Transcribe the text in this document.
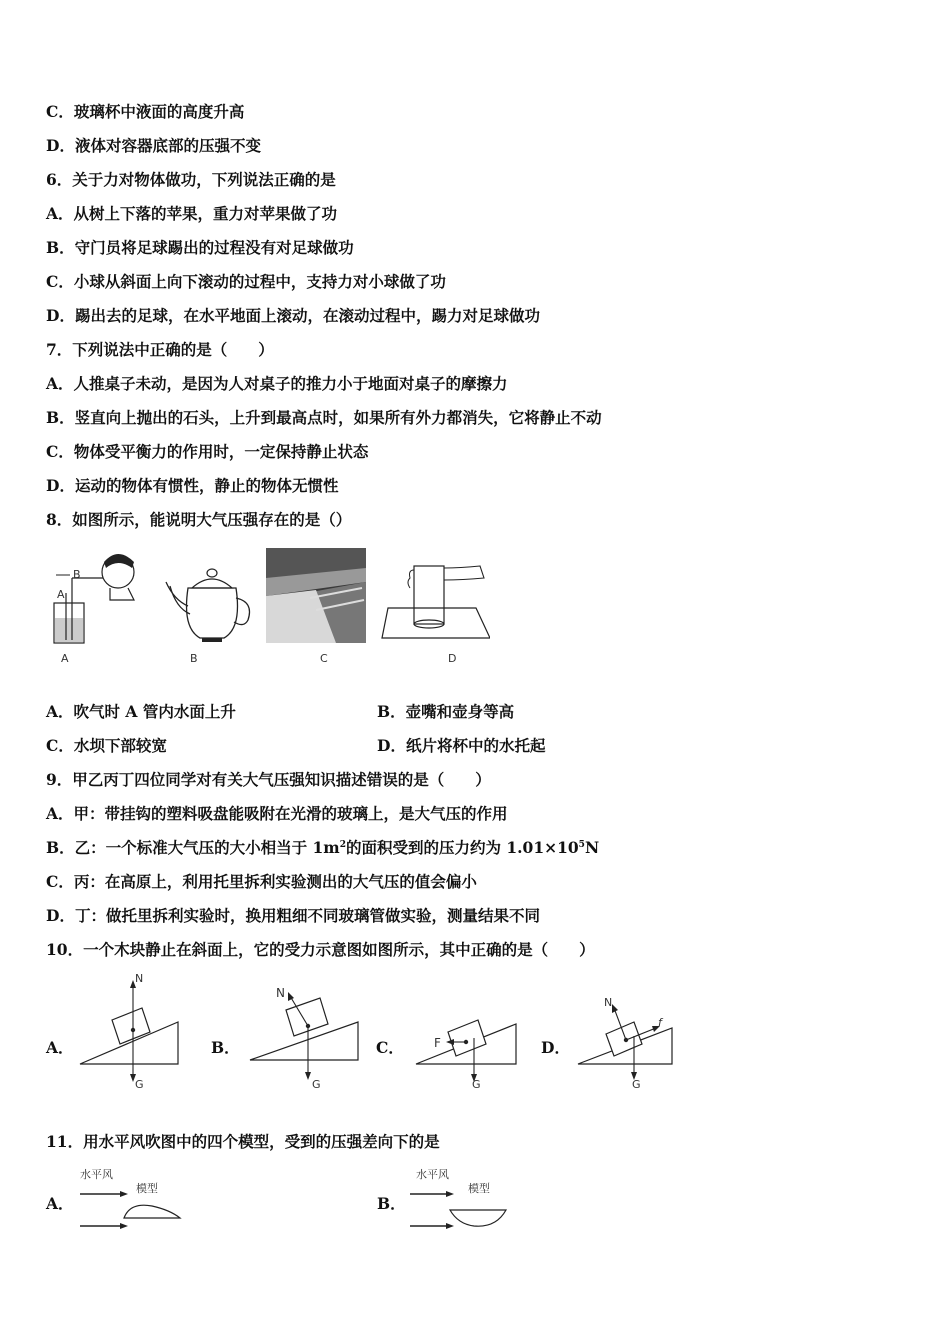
C．玻璃杯中液面的高度升高
D．液体对容器底部的压强不变
6．关于力对物体做功，下列说法正确的是
A．从树上下落的苹果，重力对苹果做了功
B．守门员将足球踢出的过程没有对足球做功
C．小球从斜面上向下滚动的过程中，支持力对小球做了功
D．踢出去的足球，在水平地面上滚动，在滚动过程中，踢力对足球做功
7．下列说法中正确的是（　　）
A．人推桌子未动，是因为人对桌子的推力小于地面对桌子的摩擦力
B．竖直向上抛出的石头，上升到最高点时，如果所有外力都消失，它将静止不动
C．物体受平衡力的作用时，一定保持静止状态
D．运动的物体有惯性，静止的物体无惯性
8．如图所示，能说明大气压强存在的是（）
B
A
A	B	C	D
A．吹气时 A 管内水面上升	B．壶嘴和壶身等高
C．水坝下部较宽	D．纸片将杯中的水托起
9．甲乙丙丁四位同学对有关大气压强知识描述错误的是（　　）
A．甲：带挂钩的塑料吸盘能吸附在光滑的玻璃上，是大气压的作用
B．乙：一个标准大气压的大小相当于 $1m^2$的面积受到的压力约为 $1.01\times 10^5N$
C．丙：在高原上，利用托里拆利实验测出的大气压的值会偏小
D．丁：做托里拆利实验时，换用粗细不同玻璃管做实验，测量结果不同
10．一个木块静止在斜面上，它的受力示意图如图所示，其中正确的是（　　）
A．
N
G
B．
N
G
C．	F
G
D．
N
f
G
11．用水平风吹图中的四个模型，受到的压强差向下的是
A．
水平风
模型
B．
水平风
模型
